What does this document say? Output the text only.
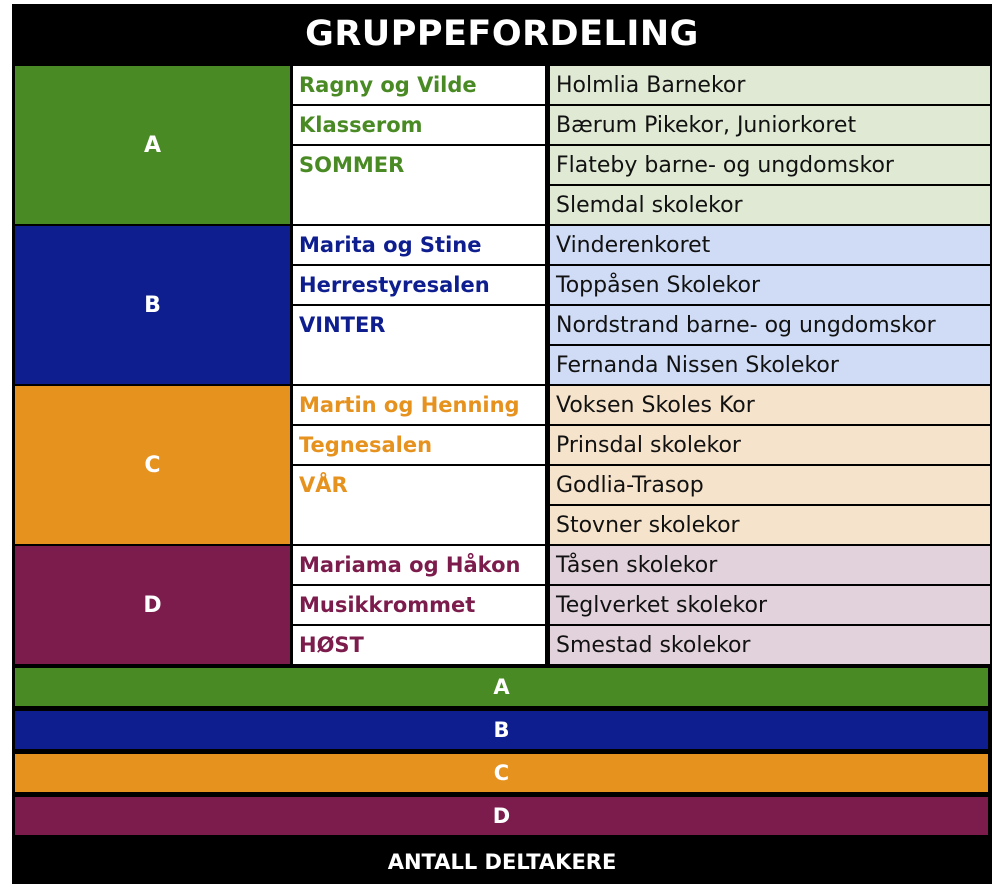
GRUPPEFORDELING
A
Ragny og Vilde
Klasserom
SOMMER
Holmlia Barnekor
Bærum Pikekor, Juniorkoret
Flateby barne- og ungdomskor
Slemdal skolekor
B
Marita og Stine
Herrestyresalen
VINTER
Vinderenkoret
Toppåsen Skolekor
Nordstrand barne- og ungdomskor
Fernanda Nissen Skolekor
C
Martin og Henning
Tegnesalen
VÅR
Voksen Skoles Kor
Prinsdal skolekor
Godlia-Trasop
Stovner skolekor
D
Mariama og Håkon
Musikkrommet
HØST
Tåsen skolekor
Teglverket skolekor
Smestad skolekor
A
B
C
D
ANTALL DELTAKERE
